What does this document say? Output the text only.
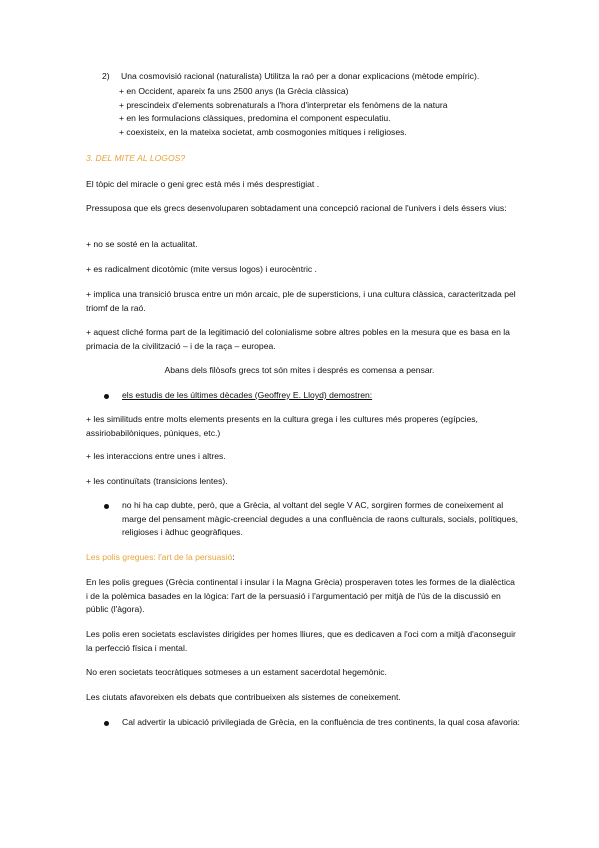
2) Una cosmovisió racional (naturalista) Utilitza la raó per a donar explicacions (mètode empíric).
+ en Occident, apareix fa uns 2500 anys (la Grècia clàssica)
+ prescindeix d'elements sobrenaturals a l'hora d'interpretar els fenòmens de la natura
+ en les formulacions clàssiques, predomina el component especulatiu.
+ coexisteix, en la mateixa societat, amb cosmogonies mítiques i religioses.

3. DEL MITE AL LOGOS?

El tòpic del miracle o geni grec està més i més desprestigiat .

Pressuposa que els grecs desenvoluparen sobtadament una concepció racional de l'univers i dels éssers vius:

+ no se sosté en la actualitat.

+ es radicalment dicotòmic (mite versus logos) i eurocèntric .

+ implica una transició brusca entre un món arcaic, ple de supersticions, i una cultura clàssica, caracteritzada pel triomf de la raó.

+ aquest cliché forma part de la legitimació del colonialisme sobre altres pobles en la mesura que es basa en la primacia de la civilització – i de la raça – europea.

Abans dels filòsofs grecs tot són mites i després es comensa a pensar.

els estudis de les últimes dècades (Geoffrey E. Lloyd) demostren:

+ les similituds entre molts elements presents en la cultura grega i les cultures més properes (egípcies, assiriobabilòniques, púniques, etc.)

+ les interaccions entre unes i altres.

+ les continuïtats (transicions lentes).

no hi ha cap dubte, però, que a Grècia, al voltant del segle V AC, sorgiren formes de coneixement al marge del pensament màgic-creencial degudes a una confluència de raons culturals, socials, polítiques, religioses i àdhuc geogràfiques.

Les polis gregues: l'art de la persuasió:

En les polis gregues (Grècia continental i insular i la Magna Grècia) prosperaven totes les formes de la dialèctica i de la polèmica basades en la lògica: l'art de la persuasió i l'argumentació per mitjà de l'ús de la discussió en públic (l'àgora).

Les polis eren societats esclavistes dirigides per homes lliures, que es dedicaven a l'oci com a mitjà d'aconseguir la perfecció física i mental.

No eren societats teocràtiques sotmeses a un estament sacerdotal hegemònic.

Les ciutats afavoreixen els debats que contribueixen als sistemes de coneixement.

Cal advertir la ubicació privilegiada de Grècia, en la confluència de tres continents, la qual cosa afavoria:
